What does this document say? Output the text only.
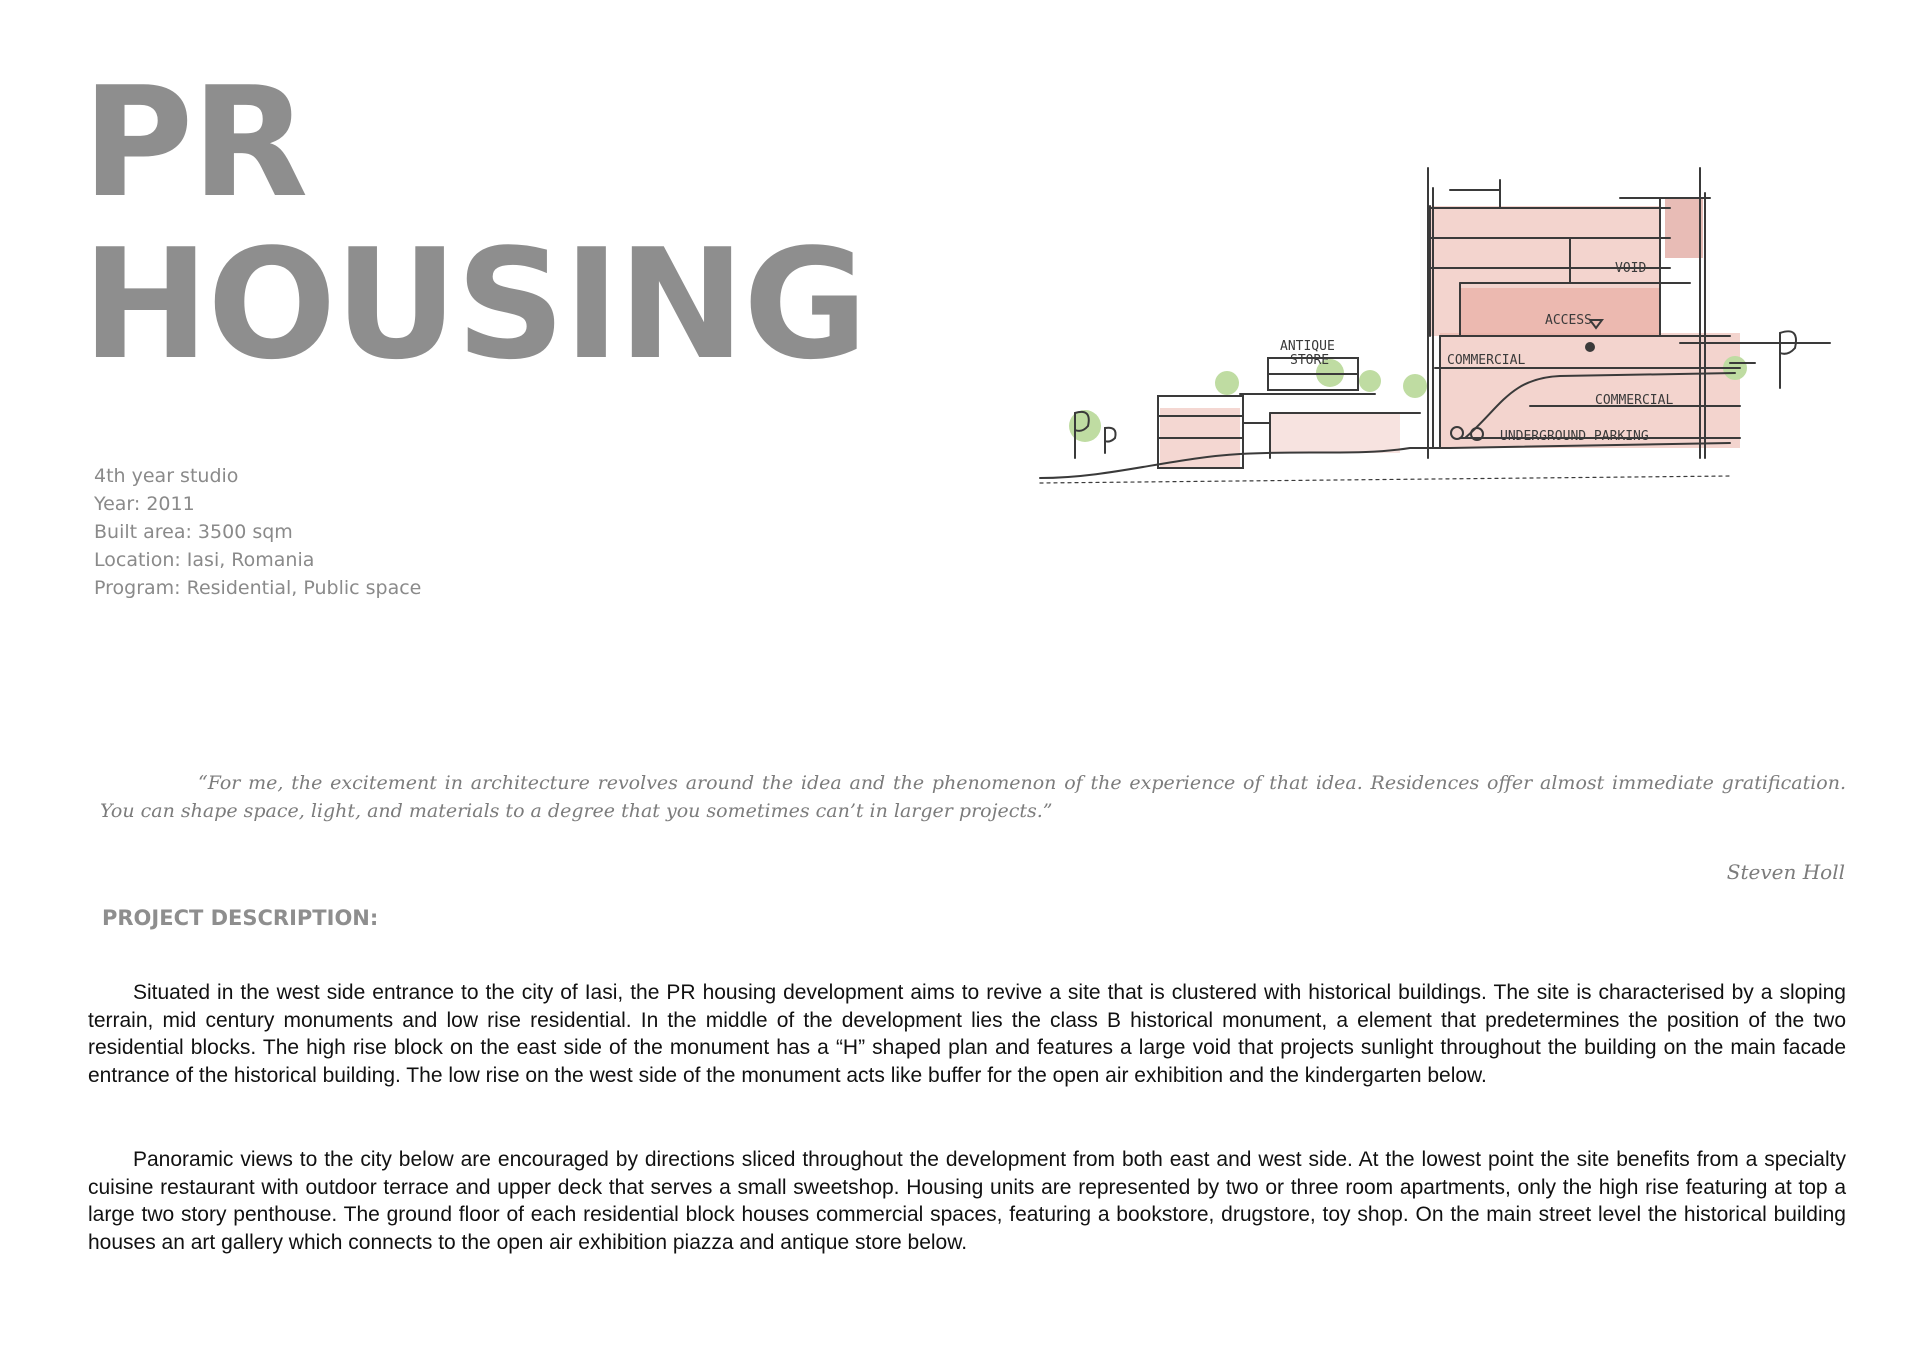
PR
HOUSING
4th year studio
Year: 2011
Built area: 3500 sqm
Location: Iasi, Romania
Program: Residential, Public space
VOID
ACCESS
COMMERCIAL
COMMERCIAL
UNDERGROUND PARKING
ANTIQUE
STORE

“For me, the excitement in architecture revolves around the idea and the phenomenon of the experience of that idea. Residences offer almost immediate gratification. You can shape space, light, and materials to a degree that you sometimes can’t in larger projects.”

Steven Holl
PROJECT DESCRIPTION:

Situated in the west side entrance to the city of Iasi, the PR housing development aims to revive a site that is clustered with historical buildings. The site is characterised by a sloping terrain, mid century monuments and low rise residential. In the middle of the development lies the class B historical monument, a element that predetermines the position of the two residential blocks. The high rise block on the east side of the monument has a “H” shaped plan and features a large void that projects sunlight throughout the building on the main facade entrance of the historical building. The low rise on the west side of the monument acts like buffer for the open air exhibition and the kindergarten below.

Panoramic views to the city below are encouraged by directions sliced throughout the development from both east and west side. At the lowest point the site benefits from a specialty cuisine restaurant with outdoor terrace and upper deck that serves a small sweetshop. Housing units are represented by two or three room apartments, only the high rise featuring at top a large two story penthouse. The ground floor of each residential block houses commercial spaces, featuring a bookstore, drugstore, toy shop. On the main street level the historical building houses an art gallery which connects to the open air exhibition piazza and antique store below.
